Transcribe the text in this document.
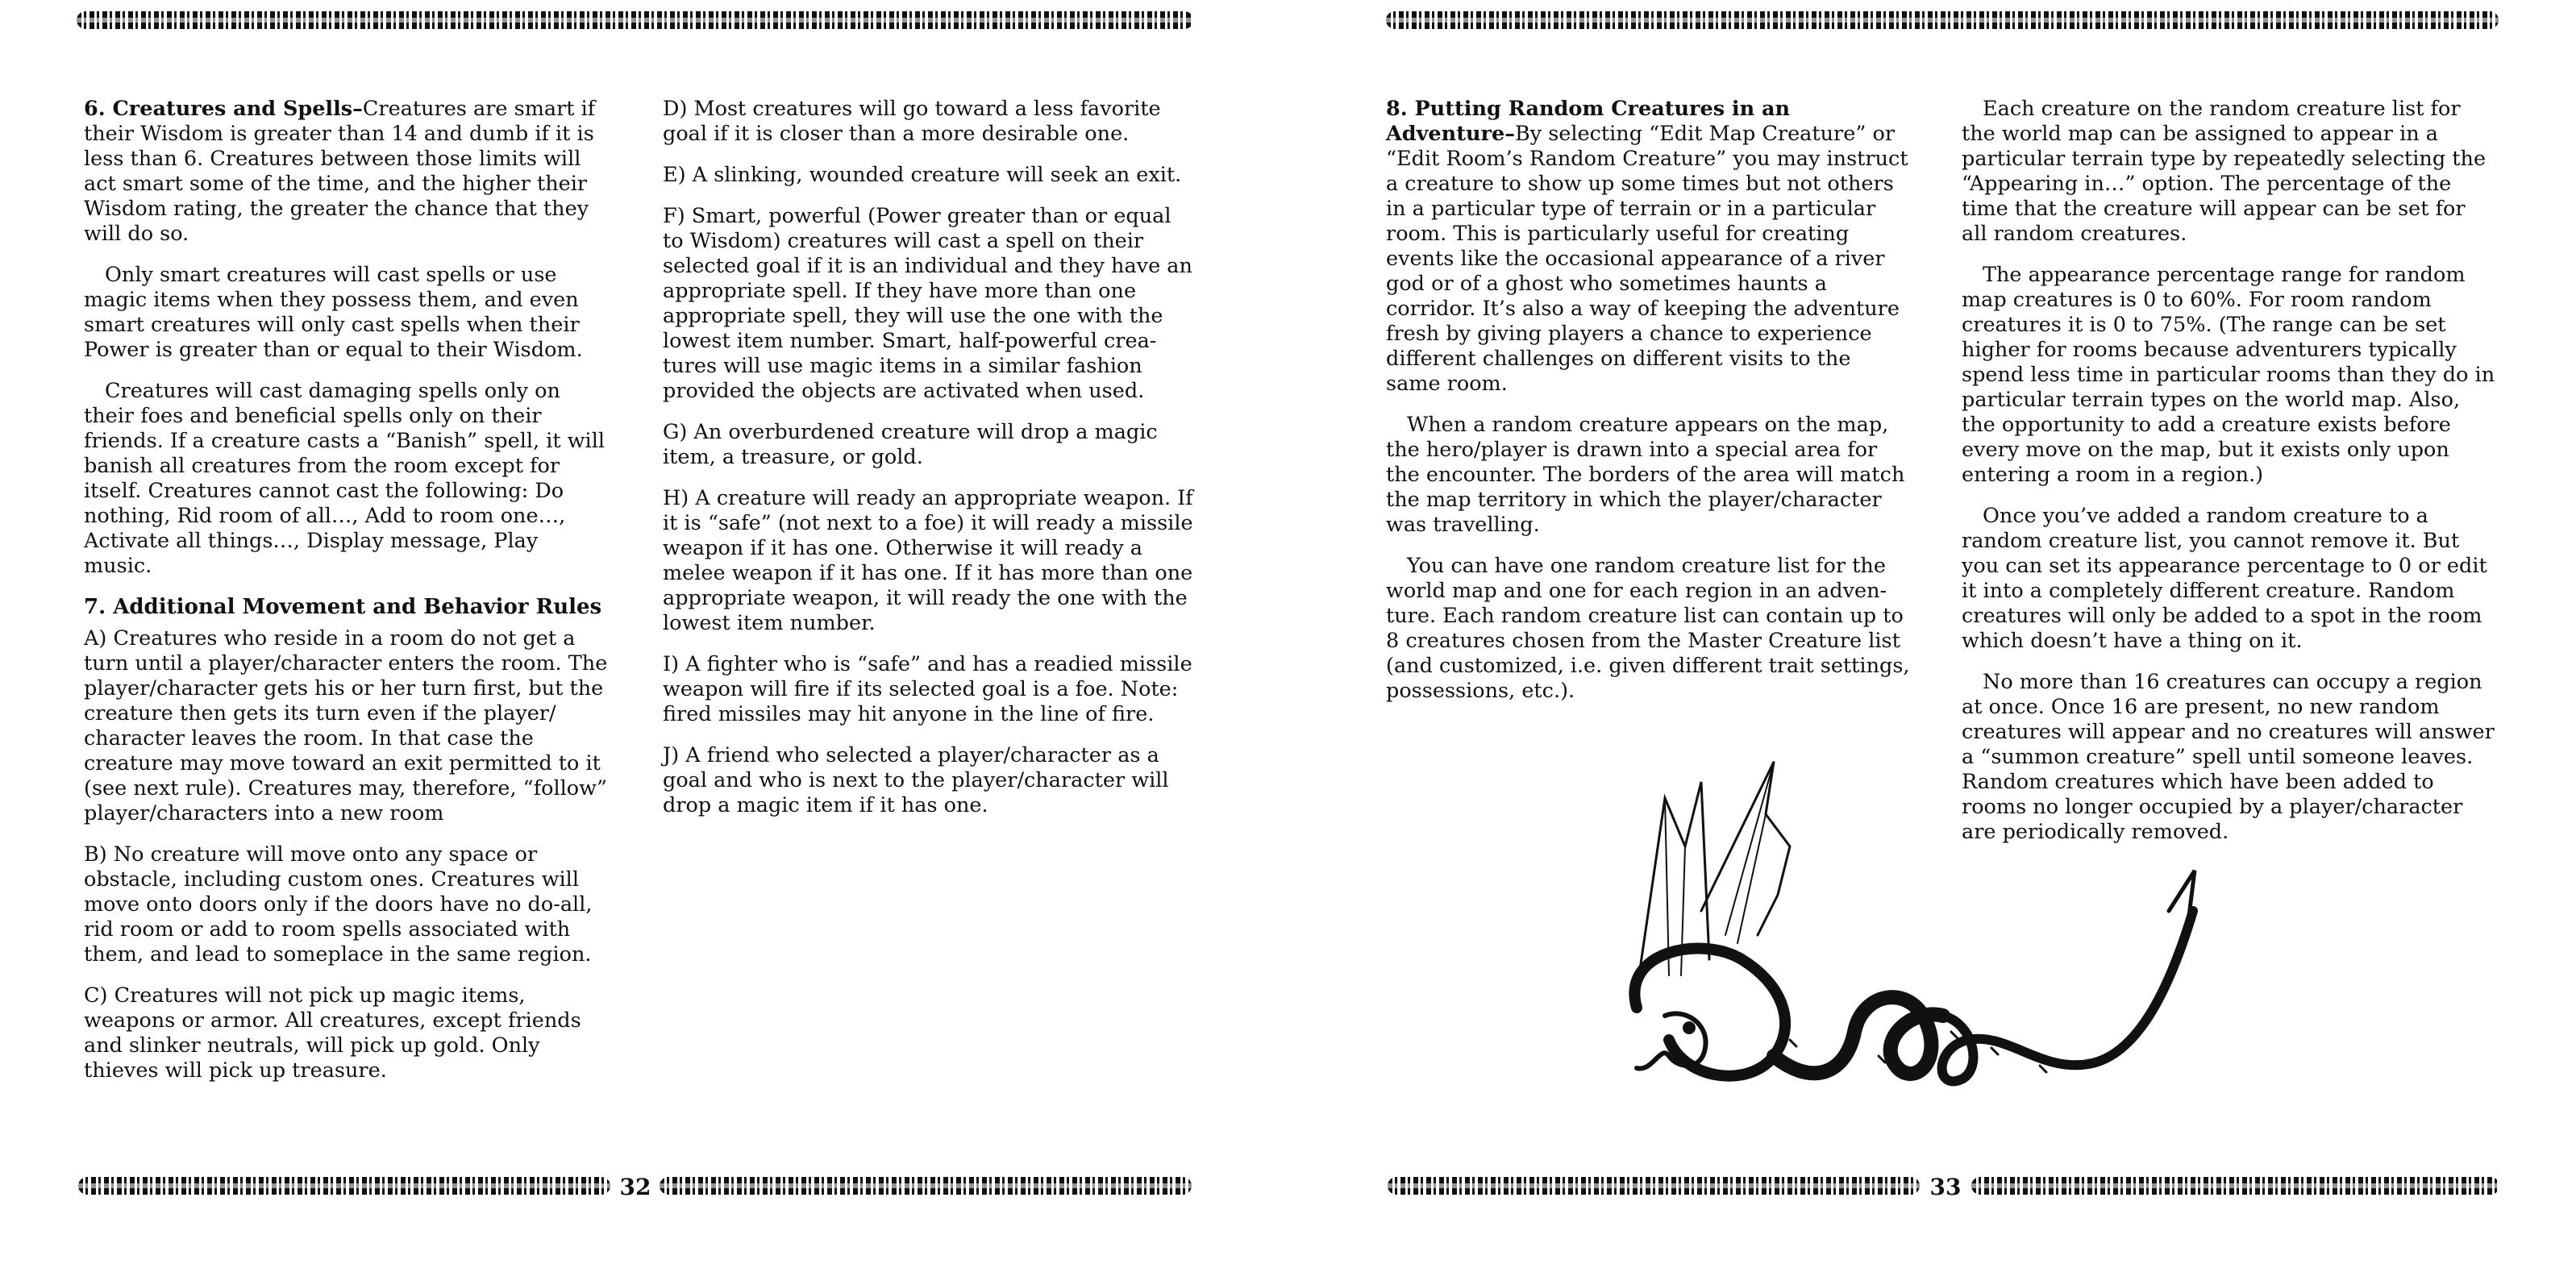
6. Creatures and Spells–Creatures are smart if their Wisdom is greater than 14 and dumb if it is less than 6. Creatures between those limits will act smart some of the time, and the higher their Wisdom rating, the greater the chance that they will do so.

Only smart creatures will cast spells or use magic items when they possess them, and even smart creatures will only cast spells when their Power is greater than or equal to their Wisdom.

Creatures will cast damaging spells only on their foes and beneficial spells only on their friends. If a creature casts a “Banish” spell, it will banish all creatures from the room except for itself. Creatures cannot cast the following: Do nothing, Rid room of all…, Add to room one…, Activate all things…, Display message, Play music.

7. Additional Movement and Behavior Rules

A) Creatures who reside in a room do not get a turn until a player/character enters the room. The player/character gets his or her turn first, but the creature then gets its turn even if the player/ character leaves the room. In that case the creature may move toward an exit permitted to it (see next rule). Creatures may, therefore, “follow” player/characters into a new room

B) No creature will move onto any space or obstacle, including custom ones. Creatures will move onto doors only if the doors have no do-all, rid room or add to room spells associated with them, and lead to someplace in the same region.

C) Creatures will not pick up magic items, weapons or armor. All creatures, except friends and slinker neutrals, will pick up gold. Only thieves will pick up treasure.

D) Most creatures will go toward a less favorite goal if it is closer than a more desirable one.

E) A slinking, wounded creature will seek an exit.

F) Smart, powerful (Power greater than or equal to Wisdom) creatures will cast a spell on their selected goal if it is an individual and they have an appropriate spell. If they have more than one appropriate spell, they will use the one with the lowest item number. Smart, half-powerful crea- tures will use magic items in a similar fashion provided the objects are activated when used.

G) An overburdened creature will drop a magic item, a treasure, or gold.

H) A creature will ready an appropriate weapon. If it is “safe” (not next to a foe) it will ready a missile weapon if it has one. Otherwise it will ready a melee weapon if it has one. If it has more than one appropriate weapon, it will ready the one with the lowest item number.

I) A fighter who is “safe” and has a readied missile weapon will fire if its selected goal is a foe. Note: fired missiles may hit anyone in the line of fire.

J) A friend who selected a player/character as a goal and who is next to the player/character will drop a magic item if it has one.

32

8. Putting Random Creatures in an Adventure–By selecting “Edit Map Creature” or “Edit Room’s Random Creature” you may instruct a creature to show up some times but not others in a particular type of terrain or in a particular room. This is particularly useful for creating events like the occasional appearance of a river god or of a ghost who sometimes haunts a corridor. It’s also a way of keeping the adventure fresh by giving players a chance to experience different challenges on different visits to the same room.

When a random creature appears on the map, the hero/player is drawn into a special area for the encounter. The borders of the area will match the map territory in which the player/character was travelling.

You can have one random creature list for the world map and one for each region in an adven- ture. Each random creature list can contain up to 8 creatures chosen from the Master Creature list (and customized, i.e. given different trait settings, possessions, etc.).

Each creature on the random creature list for the world map can be assigned to appear in a particular terrain type by repeatedly selecting the “Appearing in…” option. The percentage of the time that the creature will appear can be set for all random creatures.

The appearance percentage range for random map creatures is 0 to 60%. For room random creatures it is 0 to 75%. (The range can be set higher for rooms because adventurers typically spend less time in particular rooms than they do in particular terrain types on the world map. Also, the opportunity to add a creature exists before every move on the map, but it exists only upon entering a room in a region.)

Once you’ve added a random creature to a random creature list, you cannot remove it. But you can set its appearance percentage to 0 or edit it into a completely different creature. Random creatures will only be added to a spot in the room which doesn’t have a thing on it.

No more than 16 creatures can occupy a region at once. Once 16 are present, no new random creatures will appear and no creatures will answer a “summon creature” spell until someone leaves. Random creatures which have been added to rooms no longer occupied by a player/character are periodically removed.

33
